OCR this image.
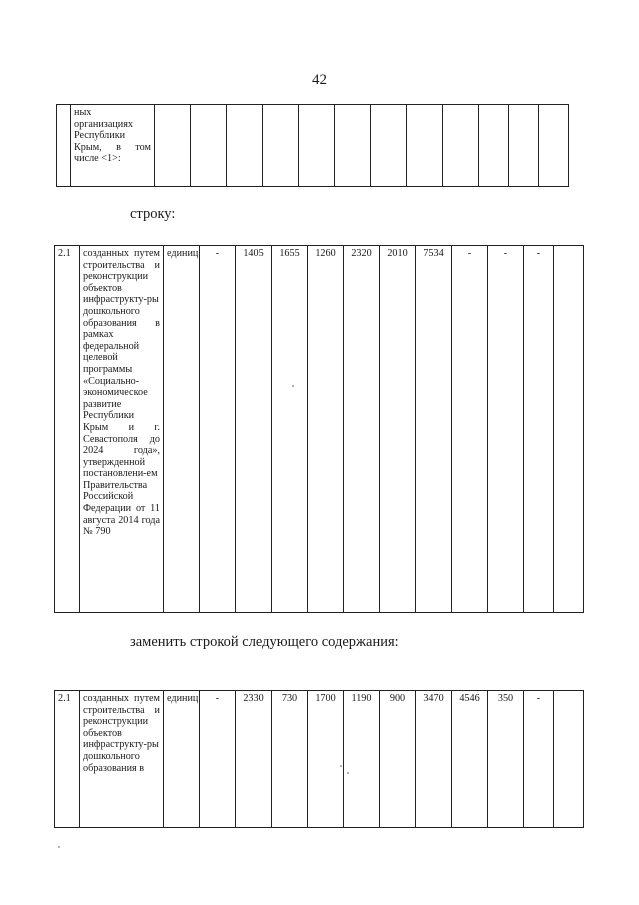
42
	ных организациях Республики Крым, в том числе <1>:												
строку:
2.1	созданных путем строительства и реконструкции объектов инфраструкту-ры дошкольного образования в рамках федеральной целевой программы «Социально-экономическое развитие Республики Крым и г. Севастополя до 2024 года», утвержденной постановлени-ем Правительства Российской Федерации от 11 августа 2014 года № 790	единиц	-	1405	1655	1260	2320	2010	7534	-	-	-	
заменить строкой следующего содержания:
2.1	созданных путем строительства и реконструкции объектов инфраструкту-ры дошкольного образования в	единиц	-	2330	730	1700	1190	900	3470	4546	350	-	
